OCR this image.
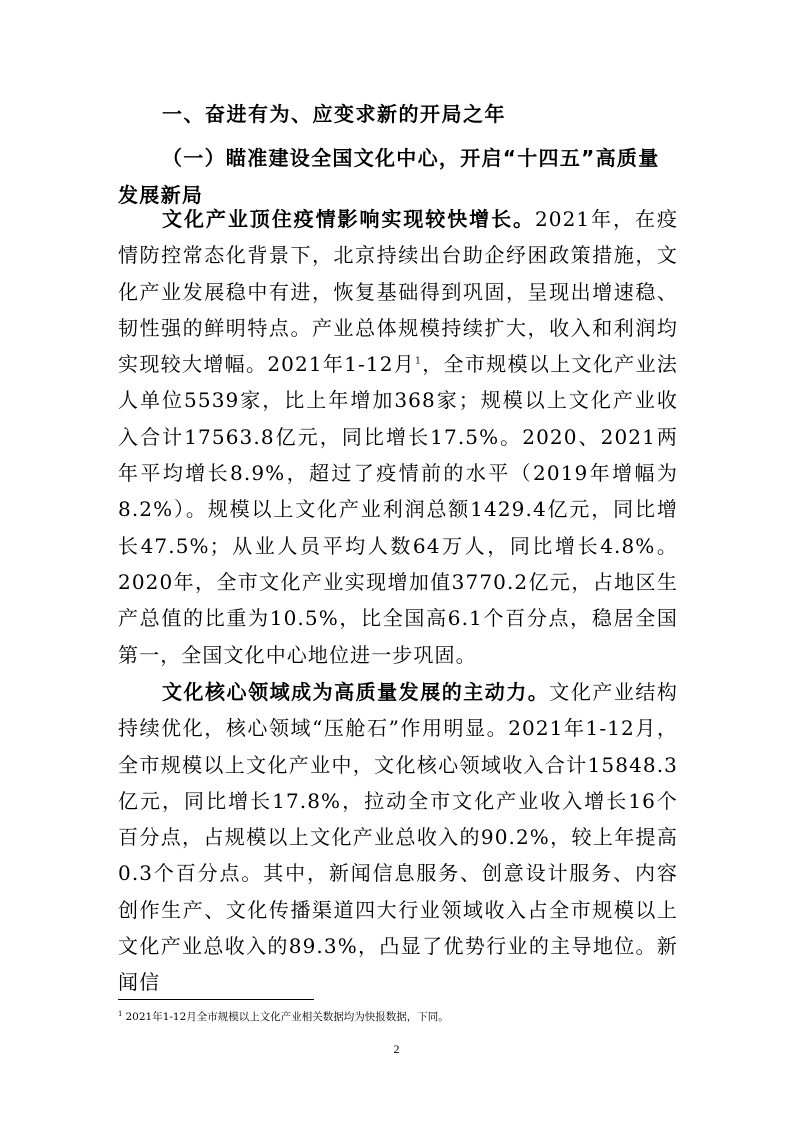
一、奋进有为、应变求新的开局之年
（一）瞄准建设全国文化中心，开启“十四五”高质量发展新局

文化产业顶住疫情影响实现较快增长。2021年，在疫情防控常态化背景下，北京持续出台助企纾困政策措施，文化产业发展稳中有进，恢复基础得到巩固，呈现出增速稳、韧性强的鲜明特点。产业总体规模持续扩大，收入和利润均实现较大增幅。2021年1-12月$^1$，全市规模以上文化产业法人单位5539家，比上年增加368家；规模以上文化产业收入合计17563.8亿元，同比增长17.5%。2020、2021两年平均增长8.9%，超过了疫情前的水平（2019年增幅为8.2%）。规模以上文化产业利润总额1429.4亿元，同比增长47.5%；从业人员平均人数64万人，同比增长4.8%。2020年，全市文化产业实现增加值3770.2亿元，占地区生产总值的比重为10.5%，比全国高6.1个百分点，稳居全国第一，全国文化中心地位进一步巩固。

文化核心领域成为高质量发展的主动力。文化产业结构持续优化，核心领域“压舱石”作用明显。2021年1-12月，全市规模以上文化产业中，文化核心领域收入合计15848.3亿元，同比增长17.8%，拉动全市文化产业收入增长16个百分点，占规模以上文化产业总收入的90.2%，较上年提高0.3个百分点。其中，新闻信息服务、创意设计服务、内容创作生产、文化传播渠道四大行业领域收入占全市规模以上文化产业总收入的89.3%，凸显了优势行业的主导地位。新闻信

$^1$ 2021年1-12月全市规模以上文化产业相关数据均为快报数据，下同。
2
